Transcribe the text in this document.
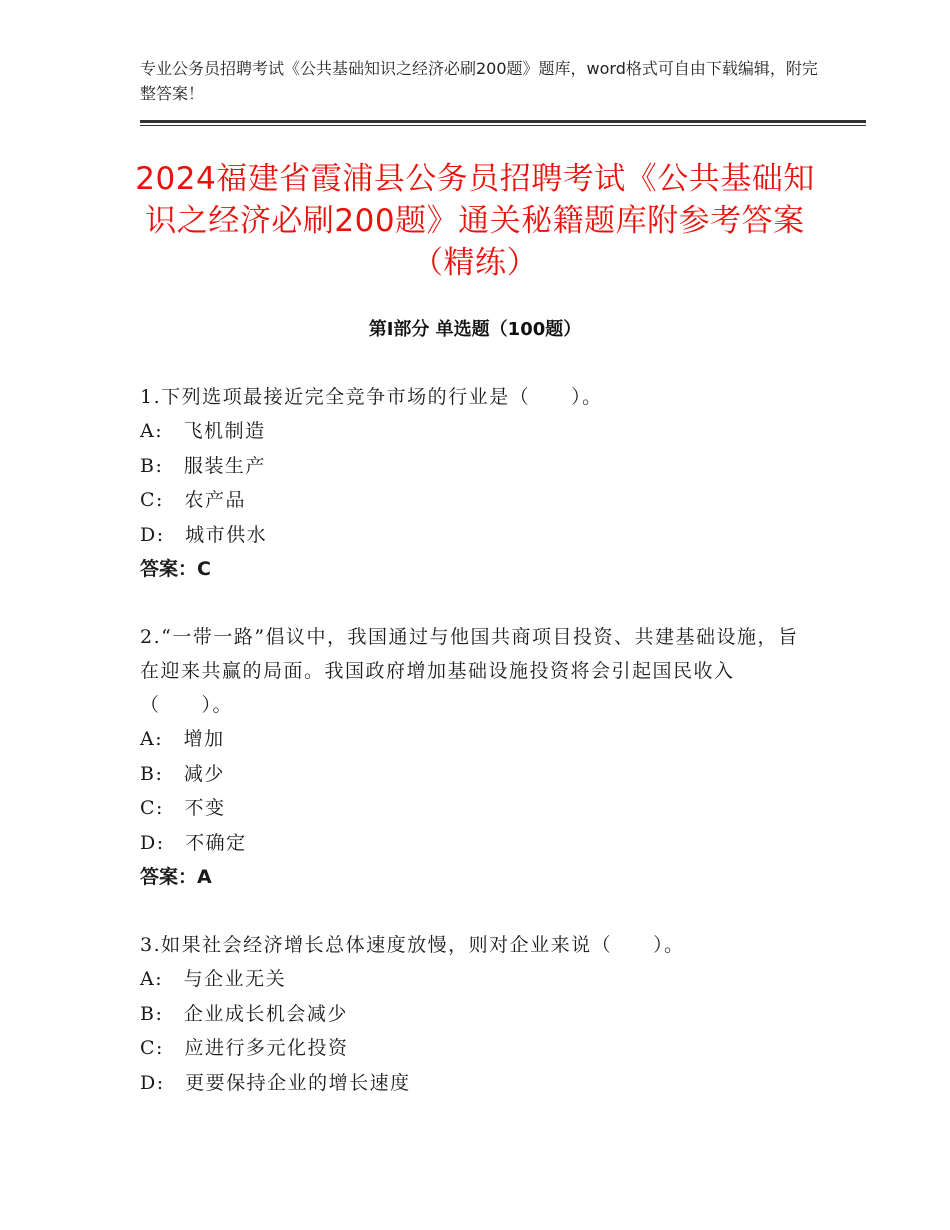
专业公务员招聘考试《公共基础知识之经济必刷200题》题库，word格式可自由下载编辑，附完整答案！
2024福建省霞浦县公务员招聘考试《公共基础知识之经济必刷200题》通关秘籍题库附参考答案（精练）
第Ⅰ部分 单选题（100题）

1.下列选项最接近完全竞争市场的行业是（　　）。

A:　飞机制造

B:　服装生产

C:　农产品

D:　城市供水

答案：C

2.“一带一路”倡议中，我国通过与他国共商项目投资、共建基础设施，旨在迎来共赢的局面。我国政府增加基础设施投资将会引起国民收入（　　）。

A:　增加

B:　减少

C:　不变

D:　不确定

答案：A

3.如果社会经济增长总体速度放慢，则对企业来说（　　）。

A:　与企业无关

B:　企业成长机会减少

C:　应进行多元化投资

D:　更要保持企业的增长速度
